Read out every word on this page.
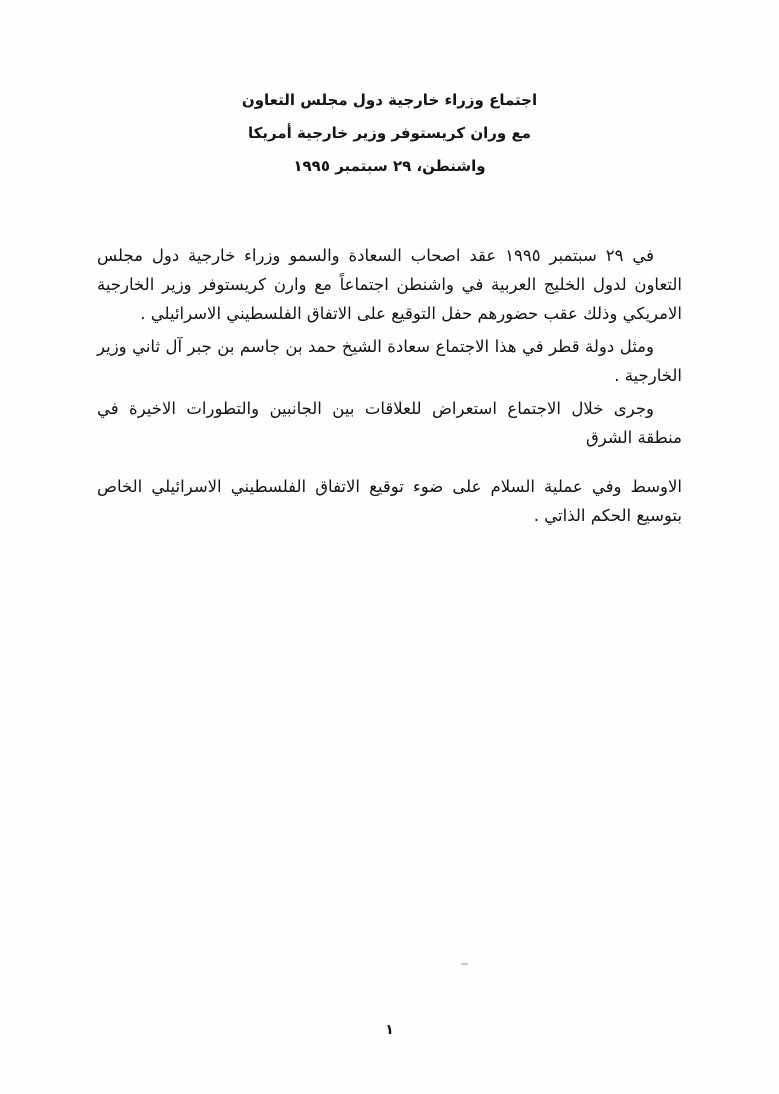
اجتماع وزراء خارجية دول مجلس التعاون
مع وران كريستوفر وزير خارجية أمريكا
واشنطن، ٢٩ سبتمبر ١٩٩٥

في ٢٩ سبتمبر ١٩٩٥ عقد اصحاب السعادة والسمو وزراء خارجية دول مجلس التعاون لدول الخليج العربية في واشنطن اجتماعاً مع وارن كريستوفر وزير الخارجية الامريكي وذلك عقب حضورهم حفل التوقيع على الاتفاق الفلسطيني الاسرائيلي .

ومثل دولة قطر في هذا الاجتماع سعادة الشيخ حمد بن جاسم بن جبر آل ثاني وزير الخارجية .

وجرى خلال الاجتماع استعراض للعلاقات بين الجانبين والتطورات الاخيرة في منطقة الشرق

الاوسط وفي عملية السلام على ضوء توقيع الاتفاق الفلسطيني الاسرائيلي الخاص بتوسيع الحكم الذاتي .

١
